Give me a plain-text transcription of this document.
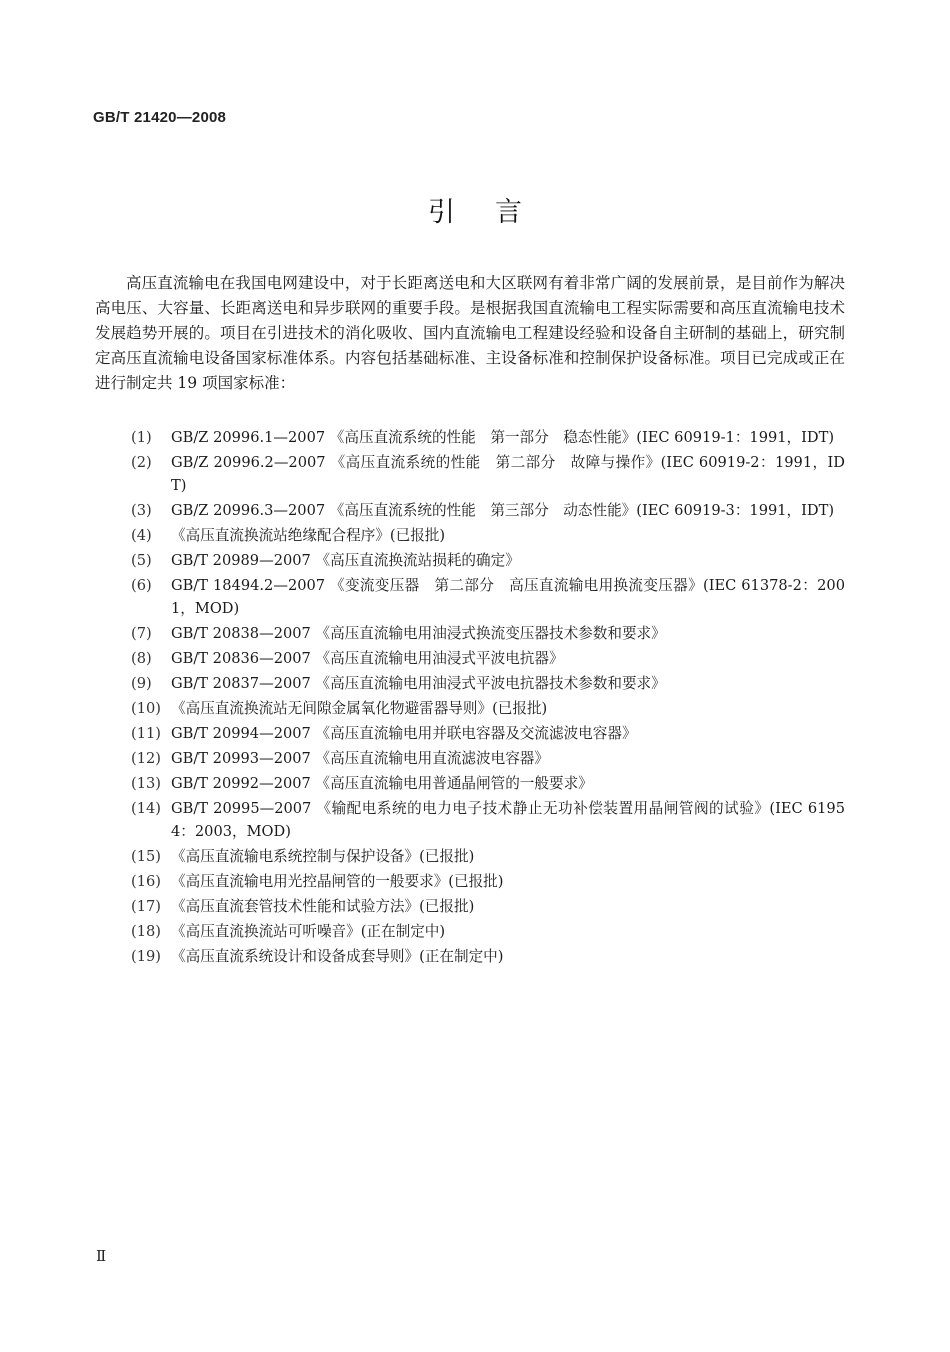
GB/T 21420—2008
引言

高压直流输电在我国电网建设中，对于长距离送电和大区联网有着非常广阔的发展前景，是目前作为解决高电压、大容量、长距离送电和异步联网的重要手段。是根据我国直流输电工程实际需要和高压直流输电技术发展趋势开展的。项目在引进技术的消化吸收、国内直流输电工程建设经验和设备自主研制的基础上，研究制定高压直流输电设备国家标准体系。内容包括基础标准、主设备标准和控制保护设备标准。项目已完成或正在进行制定共 19 项国家标准：

(1)	GB/Z 20996.1—2007 《高压直流系统的性能　第一部分　稳态性能》(IEC 60919-1：1991，IDT)
(2)	GB/Z 20996.2—2007 《高压直流系统的性能　第二部分　故障与操作》(IEC 60919-2：1991，IDT)
(3)	GB/Z 20996.3—2007 《高压直流系统的性能　第三部分　动态性能》(IEC 60919-3：1991，IDT)
(4)	《高压直流换流站绝缘配合程序》(已报批)
(5)	GB/T 20989—2007 《高压直流换流站损耗的确定》
(6)	GB/T 18494.2—2007 《变流变压器　第二部分　高压直流输电用换流变压器》(IEC 61378-2：2001，MOD)
(7)	GB/T 20838—2007 《高压直流输电用油浸式换流变压器技术参数和要求》
(8)	GB/T 20836—2007 《高压直流输电用油浸式平波电抗器》
(9)	GB/T 20837—2007 《高压直流输电用油浸式平波电抗器技术参数和要求》
(10) 《高压直流换流站无间隙金属氧化物避雷器导则》(已报批)
(11) GB/T 20994—2007 《高压直流输电用并联电容器及交流滤波电容器》
(12) GB/T 20993—2007 《高压直流输电用直流滤波电容器》
(13) GB/T 20992—2007 《高压直流输电用普通晶闸管的一般要求》
(14) GB/T 20995—2007 《输配电系统的电力电子技术静止无功补偿装置用晶闸管阀的试验》(IEC 61954：2003，MOD)
(15) 《高压直流输电系统控制与保护设备》(已报批)
(16) 《高压直流输电用光控晶闸管的一般要求》(已报批)
(17) 《高压直流套管技术性能和试验方法》(已报批)
(18) 《高压直流换流站可听噪音》(正在制定中)
(19) 《高压直流系统设计和设备成套导则》(正在制定中)
Ⅱ
